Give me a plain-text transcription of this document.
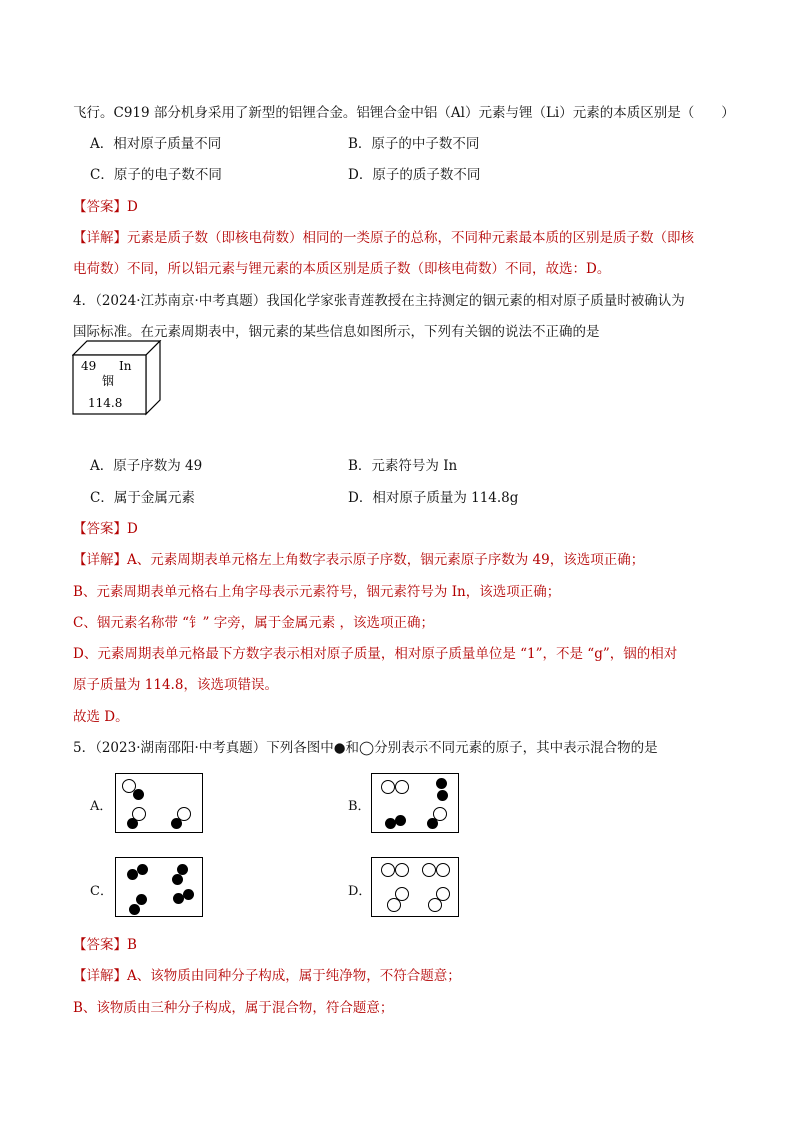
飞行。C919 部分机身采用了新型的铝锂合金。铝锂合金中铝（Al）元素与锂（Li）元素的本质区别是（　　）
A．相对原子质量不同	B．原子的中子数不同
C．原子的电子数不同	D．原子的质子数不同
【答案】D
【详解】元素是质子数（即核电荷数）相同的一类原子的总称，不同种元素最本质的区别是质子数（即核
电荷数）不同，所以铝元素与锂元素的本质区别是质子数（即核电荷数）不同，故选：D。
4．（2024·江苏南京·中考真题）我国化学家张青莲教授在主持测定的铟元素的相对原子质量时被确认为
国际标准。在元素周期表中，铟元素的某些信息如图所示，下列有关铟的说法不正确的是
49 In
铟
114.8
A．原子序数为 49	B．元素符号为 In
C．属于金属元素	D．相对原子质量为 114.8g
【答案】D
【详解】A、元素周期表单元格左上角数字表示原子序数，铟元素原子序数为 49，该选项正确；
B、元素周期表单元格右上角字母表示元素符号，铟元素符号为 In，该选项正确；
C、铟元素名称带 “钅” 字旁，属于金属元素 ，该选项正确；
D、元素周期表单元格最下方数字表示相对原子质量，相对原子质量单位是 “1”，不是 “g”，铟的相对
原子质量为 114.8，该选项错误。
故选 D。
5．（2023·湖南邵阳·中考真题）下列各图中●和◯分别表示不同元素的原子，其中表示混合物的是
A．	B．
C．	D．
【答案】B
【详解】A、该物质由同种分子构成，属于纯净物，不符合题意；
B、该物质由三种分子构成，属于混合物，符合题意；
